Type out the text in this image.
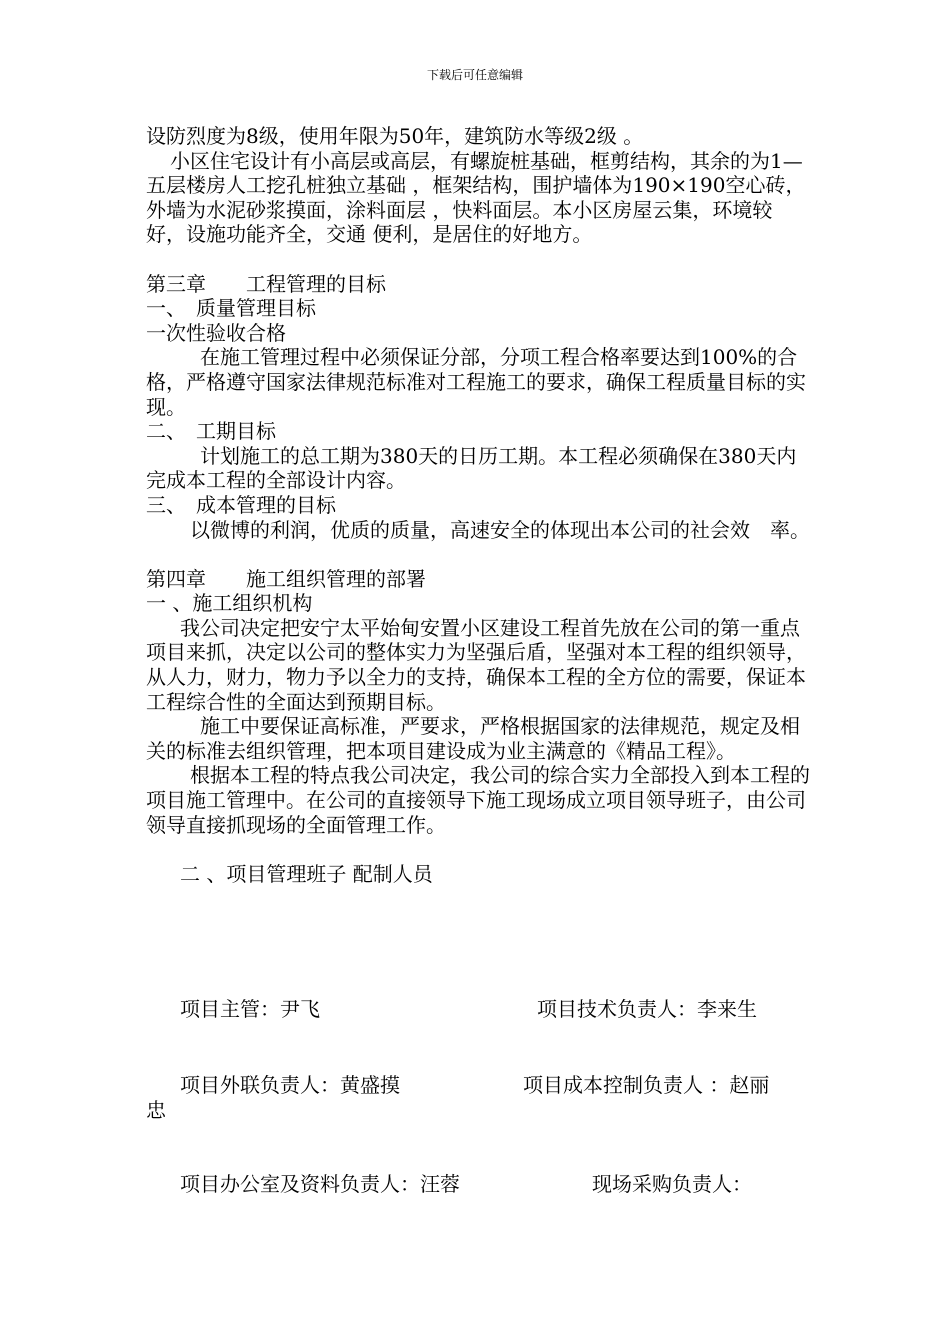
下载后可任意编辑

设防烈度为8级，使用年限为50年，建筑防水等级2级 。

小区住宅设计有小高层或高层，有螺旋桩基础，框剪结构，其余的为1—五层楼房人工挖孔桩独立基础 ，框架结构，围护墙体为190×190空心砖，外墙为水泥砂浆摸面，涂料面层 ，快料面层。本小区房屋云集，环境较好，设施功能齐全，交通 便利，是居住的好地方。

第三章　　工程管理的目标

一、　质量管理目标

一次性验收合格

在施工管理过程中必须保证分部，分项工程合格率要达到100%的合格，严格遵守国家法律规范标准对工程施工的要求，确保工程质量目标的实现。

二、　工期目标

计划施工的总工期为380天的日历工期。本工程必须确保在380天内完成本工程的全部设计内容。

三、　成本管理的目标

以微博的利润，优质的质量，高速安全的体现出本公司的社会效　率。

第四章　　施工组织管理的部署

一 、施工组织机构

我公司决定把安宁太平始甸安置小区建设工程首先放在公司的第一重点项目来抓，决定以公司的整体实力为坚强后盾，坚强对本工程的组织领导，从人力，财力，物力予以全力的支持，确保本工程的全方位的需要，保证本工程综合性的全面达到预期目标。

施工中要保证高标准，严要求，严格根据国家的法律规范，规定及相关的标准去组织管理，把本项目建设成为业主满意的《精品工程》。

根据本工程的特点我公司决定，我公司的综合实力全部投入到本工程的项目施工管理中。在公司的直接领导下施工现场成立项目领导班子，由公司领导直接抓现场的全面管理工作。

二 、项目管理班子 配制人员

项目主管：尹飞	项目技术负责人：李来生
项目外联负责人：黄盛摸	项目成本控制负责人 ：赵丽
忠
项目办公室及资料负责人：汪蓉	现场采购负责人：
